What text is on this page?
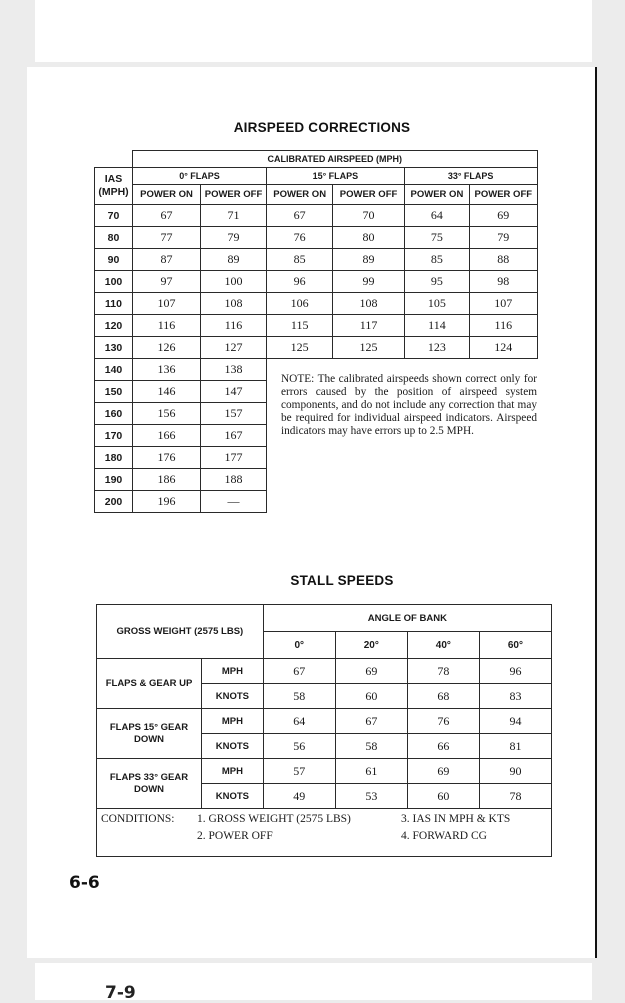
AIRSPEED CORRECTIONS
	CALIBRATED AIRSPEED (MPH)					
IAS
(MPH)	0° FLAPS		15° FLAPS		33° FLAPS	
	POWER ON	POWER OFF	POWER ON	POWER OFF	POWER ON	POWER OFF
70	67	71	67	70	64	69
80	77	79	76	80	75	79
90	87	89	85	89	85	88
100	97	100	96	99	95	98
110	107	108	106	108	105	107
120	116	116	115	117	114	116
130	126	127	125	125	123	124
140	136	138	NOTE: The calibrated airspeeds shown correct only for errors caused by the position of airspeed system components, and do not include any correction that may be required for individual airspeed indicators. Airspeed indicators may have errors up to 2.5 MPH.			

150	146	147				
160	156	157				
170	166	167				
180	176	177				
190	186	188				
200	196	—				
STALL SPEEDS
GROSS WEIGHT (2575 LBS)		ANGLE OF BANK			
		0°	20°	40°	60°
FLAPS & GEAR UP	MPH	67	69	78	96
	KNOTS	58	60	68	83
FLAPS 15° GEAR DOWN	MPH	64	67	76	94
	KNOTS	56	58	66	81
FLAPS 33° GEAR DOWN	MPH	57	61	69	90
	KNOTS	49	53	60	78

CONDITIONS: 1. GROSS WEIGHT (2575 LBS) 3. IAS IN MPH & KTS
2. POWER OFF 4. FORWARD CG					
6-6
7-9
